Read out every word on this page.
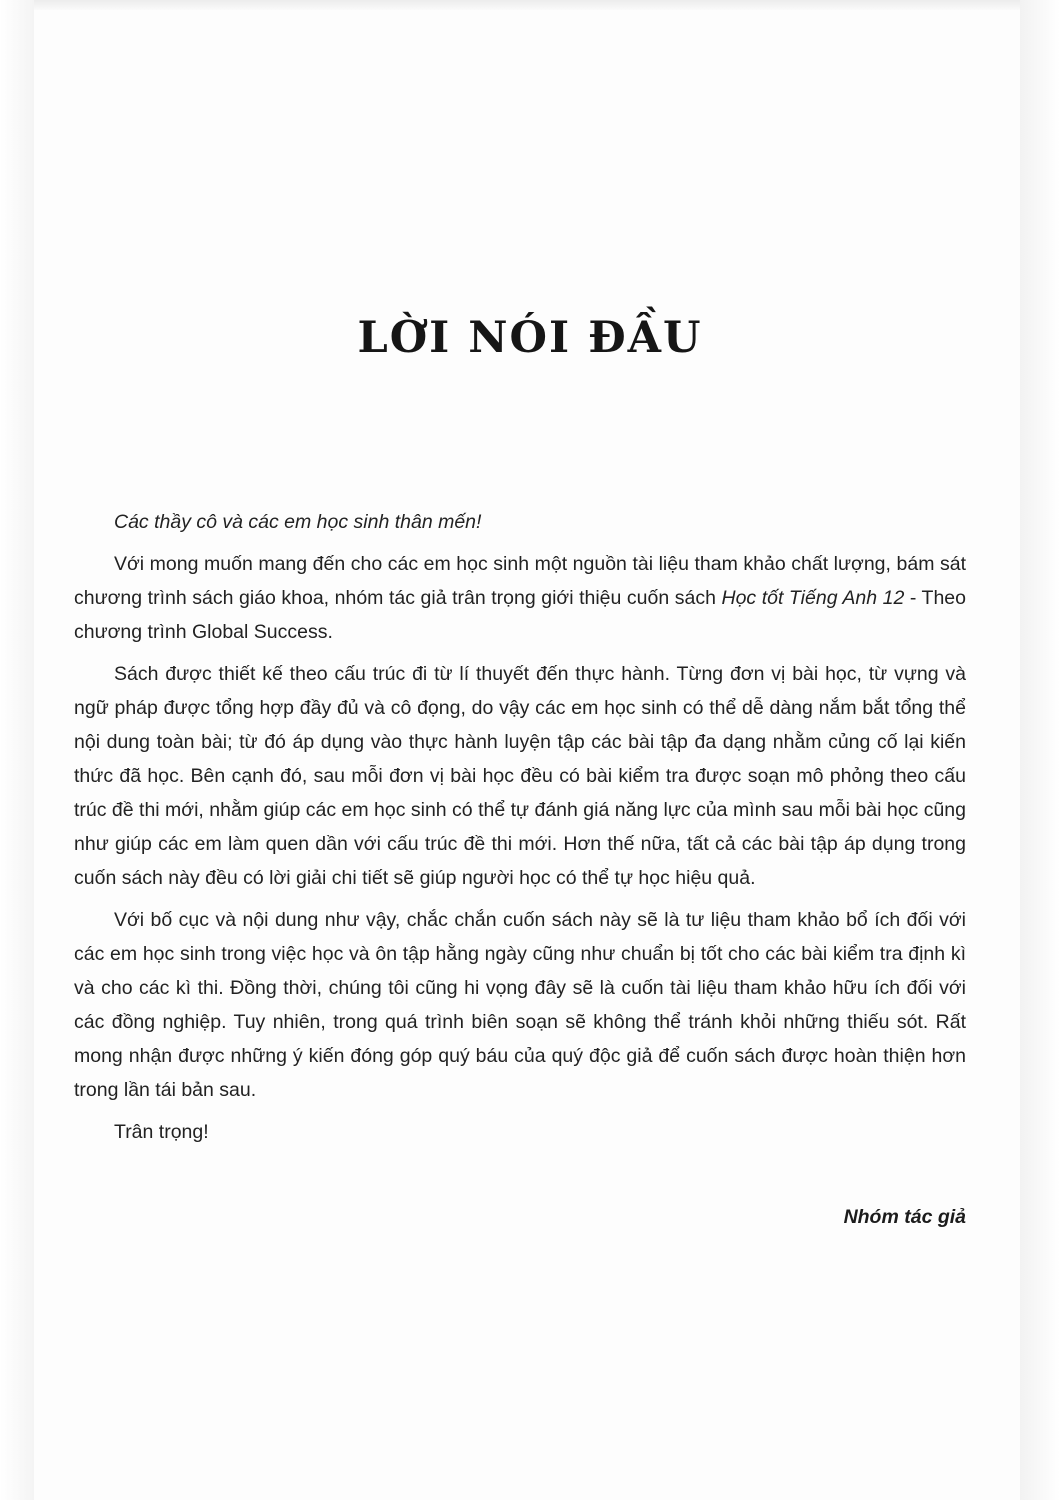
LỜI NÓI ĐẦU

Các thầy cô và các em học sinh thân mến!

Với mong muốn mang đến cho các em học sinh một nguồn tài liệu tham khảo chất lượng, bám sát chương trình sách giáo khoa, nhóm tác giả trân trọng giới thiệu cuốn sách Học tốt Tiếng Anh 12 - Theo chương trình Global Success.

Sách được thiết kế theo cấu trúc đi từ lí thuyết đến thực hành. Từng đơn vị bài học, từ vựng và ngữ pháp được tổng hợp đầy đủ và cô đọng, do vậy các em học sinh có thể dễ dàng nắm bắt tổng thể nội dung toàn bài; từ đó áp dụng vào thực hành luyện tập các bài tập đa dạng nhằm củng cố lại kiến thức đã học. Bên cạnh đó, sau mỗi đơn vị bài học đều có bài kiểm tra được soạn mô phỏng theo cấu trúc đề thi mới, nhằm giúp các em học sinh có thể tự đánh giá năng lực của mình sau mỗi bài học cũng như giúp các em làm quen dần với cấu trúc đề thi mới. Hơn thế nữa, tất cả các bài tập áp dụng trong cuốn sách này đều có lời giải chi tiết sẽ giúp người học có thể tự học hiệu quả.

Với bố cục và nội dung như vậy, chắc chắn cuốn sách này sẽ là tư liệu tham khảo bổ ích đối với các em học sinh trong việc học và ôn tập hằng ngày cũng như chuẩn bị tốt cho các bài kiểm tra định kì và cho các kì thi. Đồng thời, chúng tôi cũng hi vọng đây sẽ là cuốn tài liệu tham khảo hữu ích đối với các đồng nghiệp. Tuy nhiên, trong quá trình biên soạn sẽ không thể tránh khỏi những thiếu sót. Rất mong nhận được những ý kiến đóng góp quý báu của quý độc giả để cuốn sách được hoàn thiện hơn trong lần tái bản sau.

Trân trọng!

Nhóm tác giả
